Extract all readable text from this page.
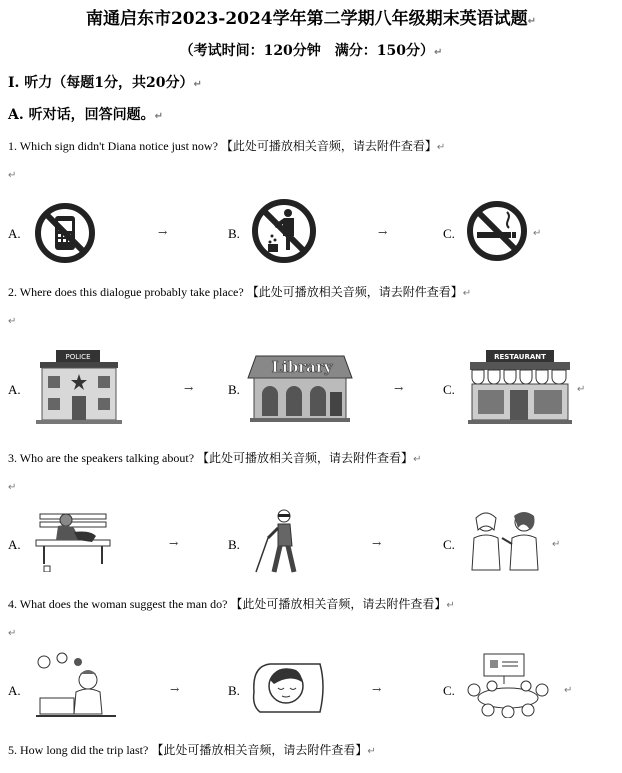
南通启东市2023-2024学年第二学期八年级期末英语试题↵
（考试时间：120分钟　满分：150分）↵
I. 听力（每题1分，共20分）↵
A. 听对话，回答问题。↵
1. Which sign didn't Diana notice just now? 【此处可播放相关音频，请去附件查看】↵
↵
A.	→	B.	→	C.	↵
2. Where does this dialogue probably take place? 【此处可播放相关音频，请去附件查看】↵
↵
A.
POLICE
→	B.
Library
→	C.
RESTAURANT
↵
3. Who are the speakers talking about? 【此处可播放相关音频，请去附件查看】↵
↵
A.	→	B.	→	C.	↵
4. What does the woman suggest the man do? 【此处可播放相关音频，请去附件查看】↵
↵
A.	→	B.	→	C.	↵
5. How long did the trip last? 【此处可播放相关音频，请去附件查看】↵
